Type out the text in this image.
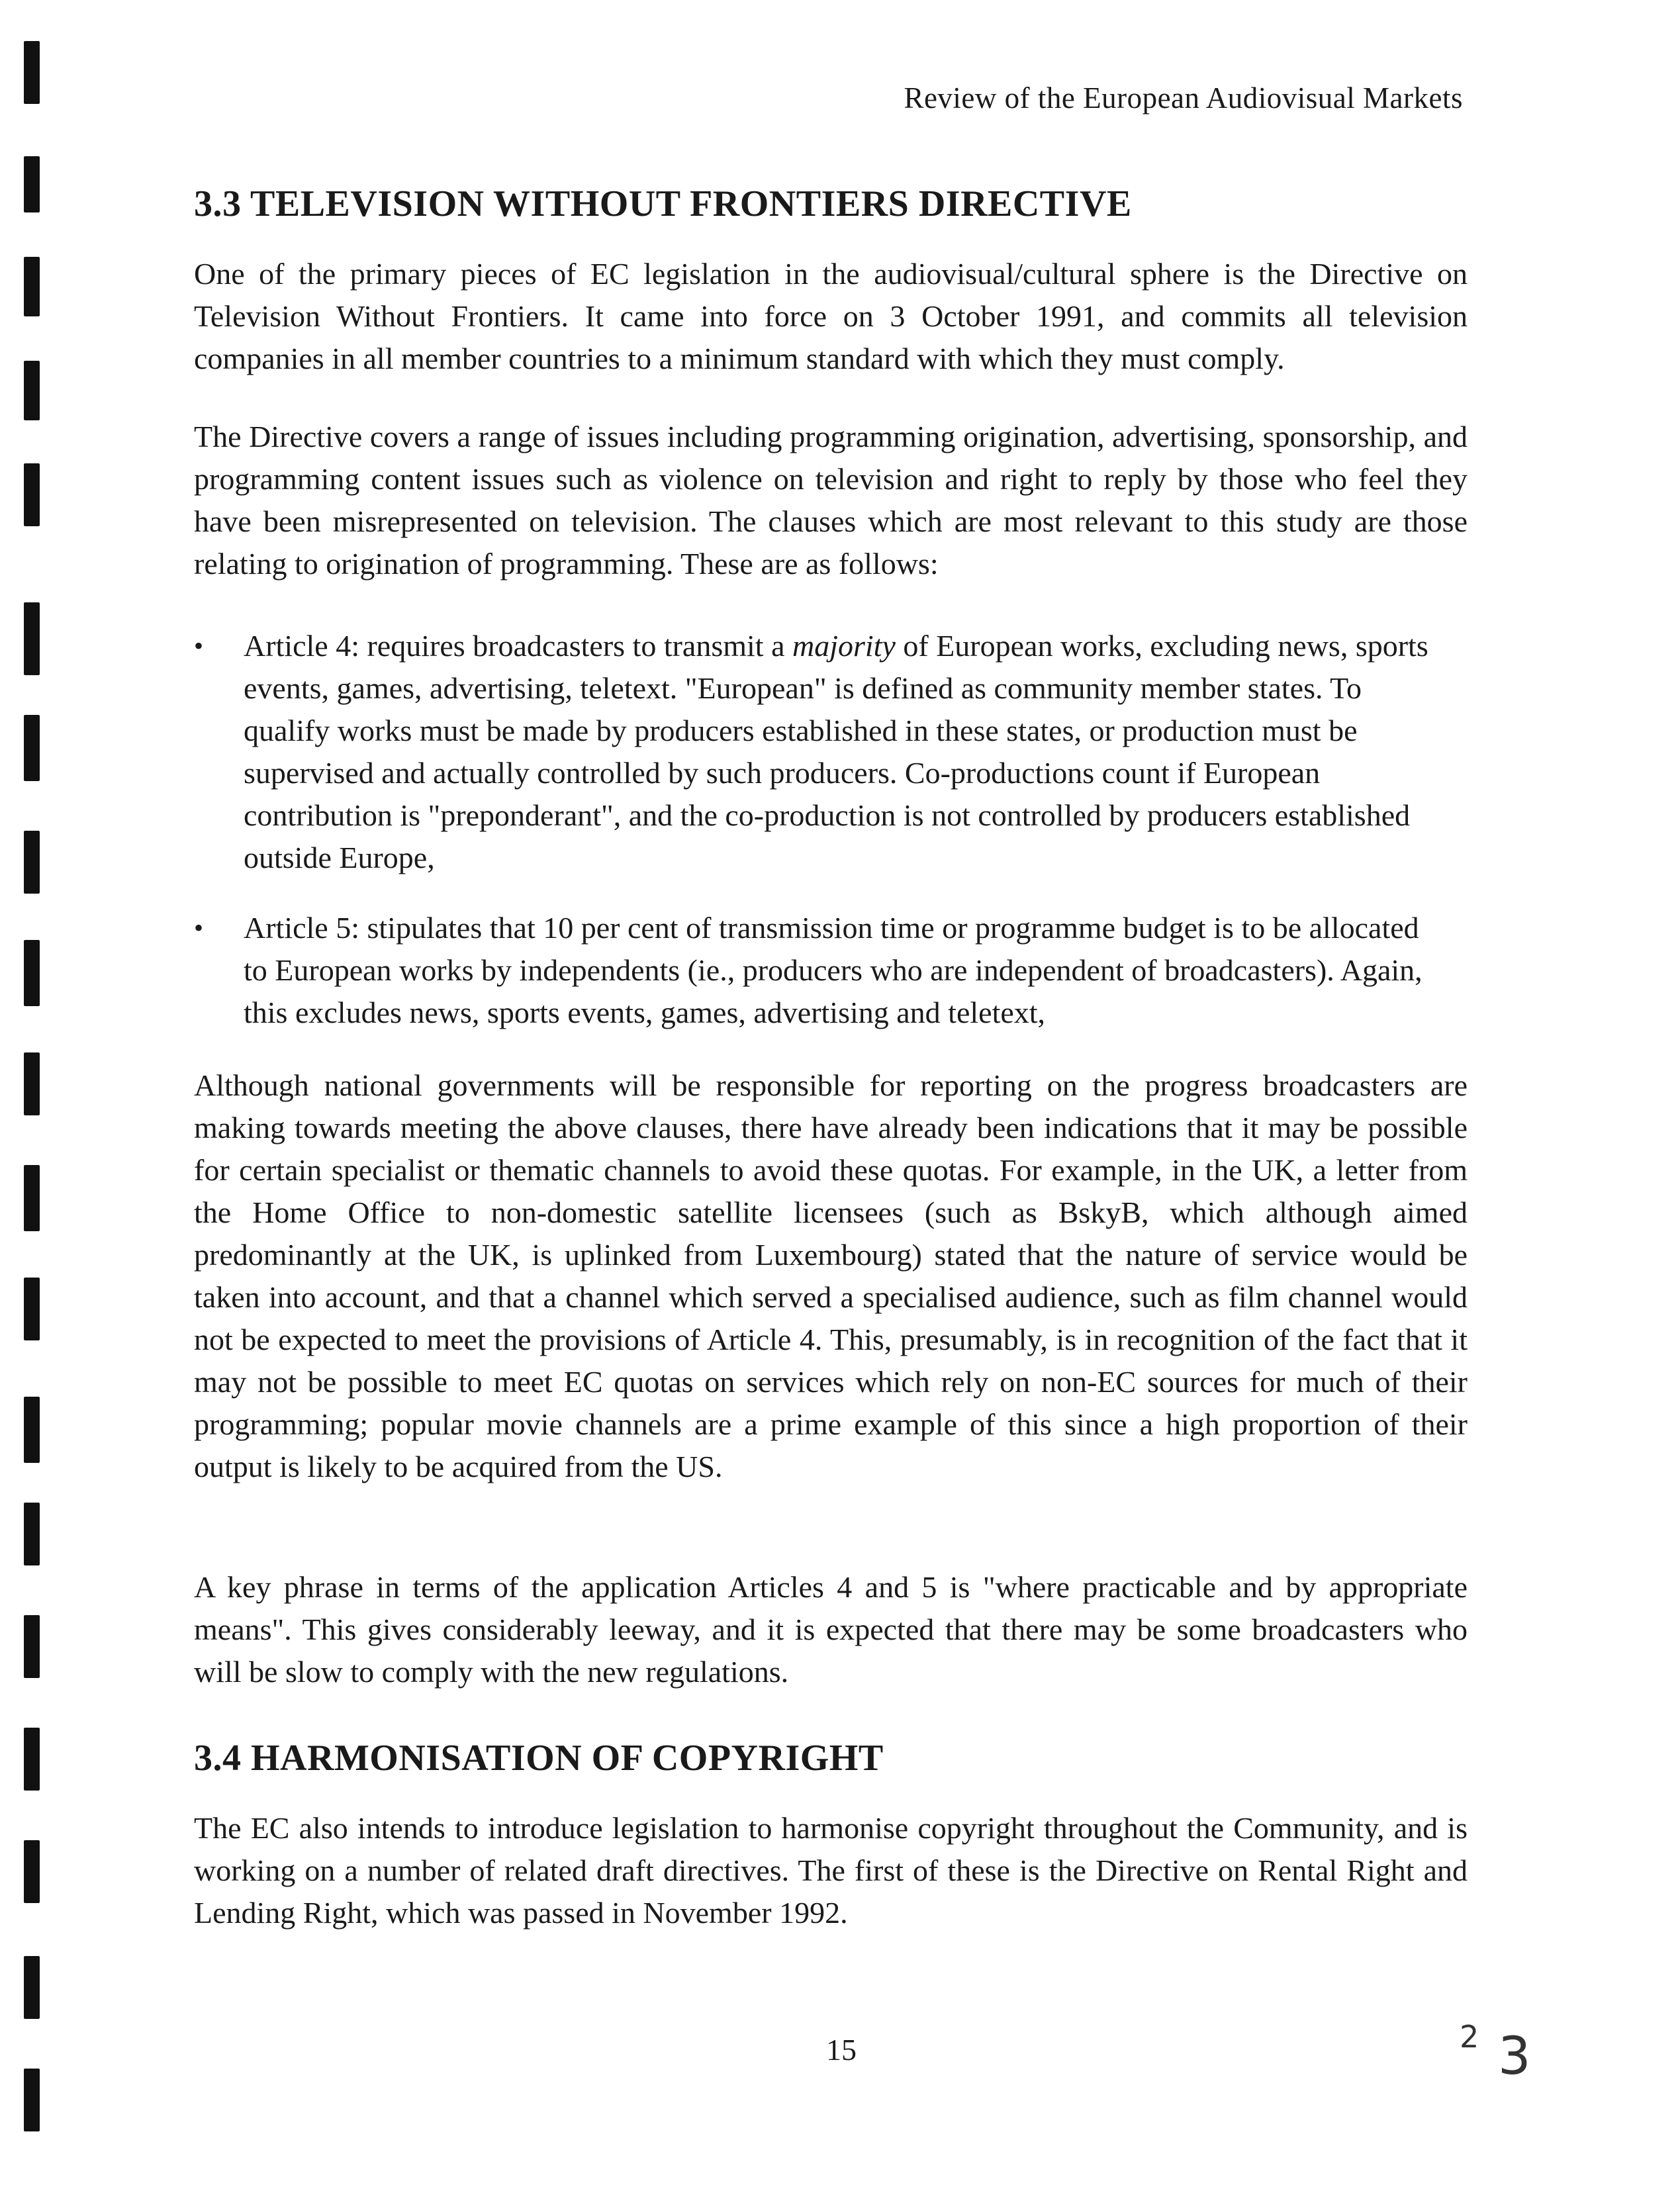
Review of the European Audiovisual Markets
3.3 TELEVISION WITHOUT FRONTIERS DIRECTIVE

One of the primary pieces of EC legislation in the audiovisual/cultural sphere is the Directive on Television Without Frontiers. It came into force on 3 October 1991, and commits all television companies in all member countries to a minimum standard with which they must comply.

The Directive covers a range of issues including programming origination, advertising, sponsorship, and programming content issues such as violence on television and right to reply by those who feel they have been misrepresented on television. The clauses which are most relevant to this study are those relating to origination of programming. These are as follows:

• Article 4: requires broadcasters to transmit a majority of European works, excluding news, sports events, games, advertising, teletext. "European" is defined as community member states. To qualify works must be made by producers established in these states, or production must be supervised and actually controlled by such producers. Co-productions count if European contribution is "preponderant", and the co-production is not controlled by producers established outside Europe,

• Article 5: stipulates that 10 per cent of transmission time or programme budget is to be allocated to European works by independents (ie., producers who are independent of broadcasters). Again, this excludes news, sports events, games, advertising and teletext,

Although national governments will be responsible for reporting on the progress broadcasters are making towards meeting the above clauses, there have already been indications that it may be possible for certain specialist or thematic channels to avoid these quotas. For example, in the UK, a letter from the Home Office to non-domestic satellite licensees (such as BskyB, which although aimed predominantly at the UK, is uplinked from Luxembourg) stated that the nature of service would be taken into account, and that a channel which served a specialised audience, such as film channel would not be expected to meet the provisions of Article 4. This, presumably, is in recognition of the fact that it may not be possible to meet EC quotas on services which rely on non-EC sources for much of their programming; popular movie channels are a prime example of this since a high proportion of their output is likely to be acquired from the US.

A key phrase in terms of the application Articles 4 and 5 is "where practicable and by appropriate means". This gives considerably leeway, and it is expected that there may be some broadcasters who will be slow to comply with the new regulations.

3.4 HARMONISATION OF COPYRIGHT

The EC also intends to introduce legislation to harmonise copyright throughout the Community, and is working on a number of related draft directives. The first of these is the Directive on Rental Right and Lending Right, which was passed in November 1992.

15	2 3
